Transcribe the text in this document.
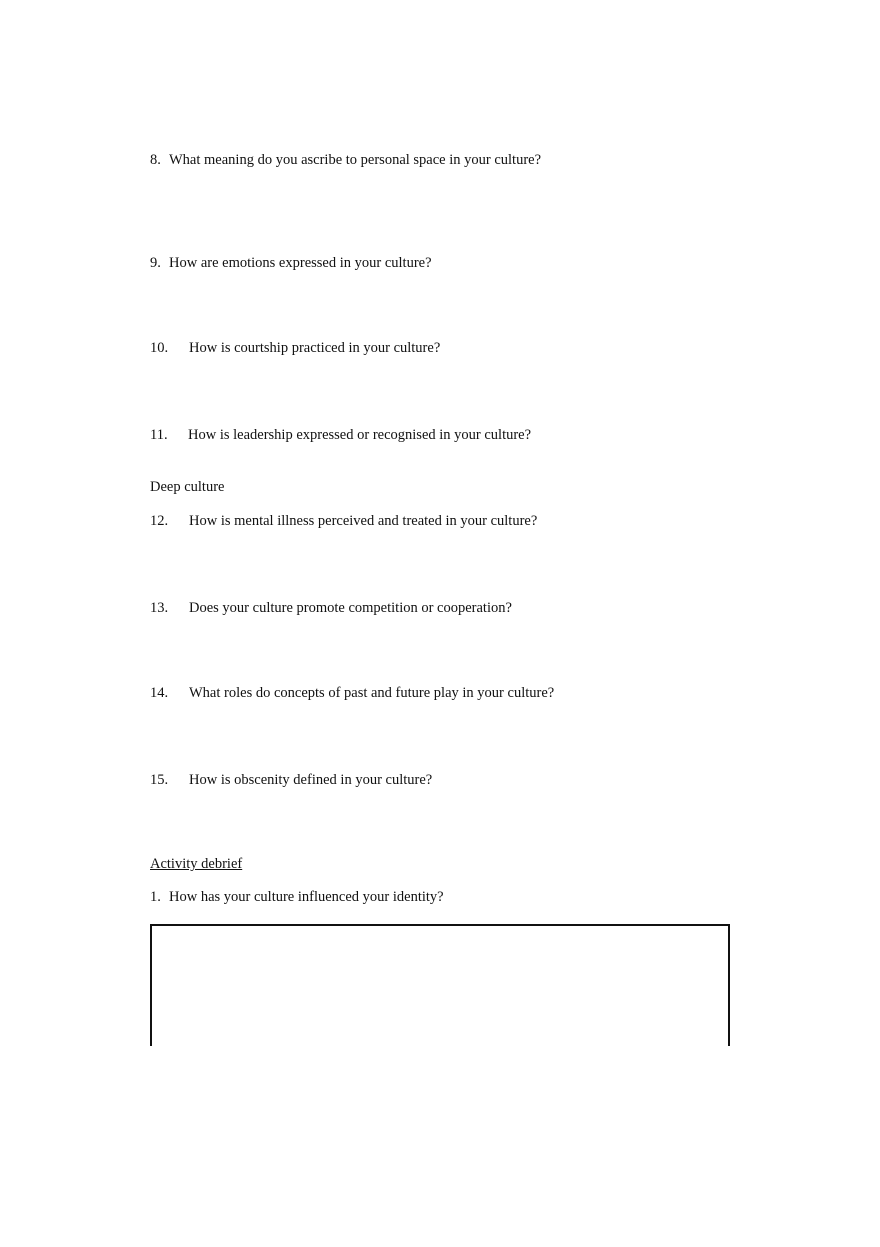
8. What meaning do you ascribe to personal space in your culture?
9. How are emotions expressed in your culture?
10. How is courtship practiced in your culture?
11. How is leadership expressed or recognised in your culture?
Deep culture
12. How is mental illness perceived and treated in your culture?
13. Does your culture promote competition or cooperation?
14. What roles do concepts of past and future play in your culture?
15. How is obscenity defined in your culture?
Activity debrief
1. How has your culture influenced your identity?
